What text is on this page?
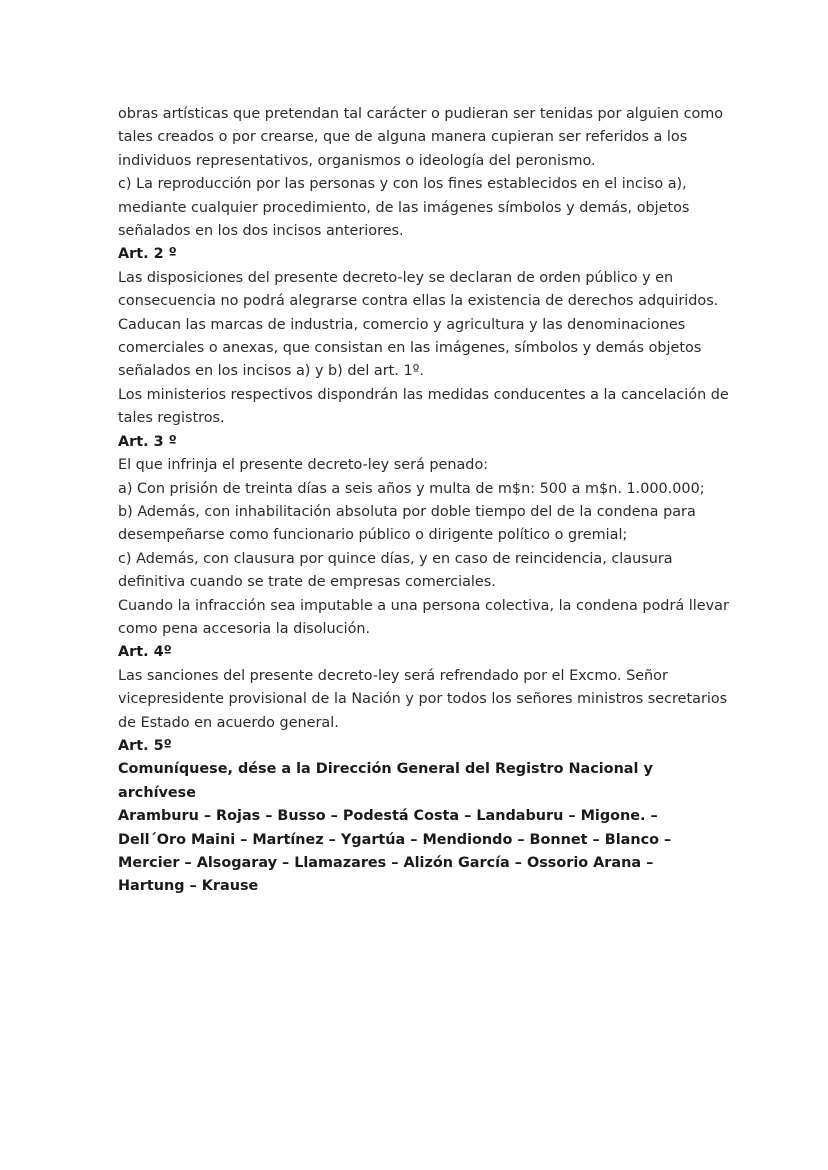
obras artísticas que pretendan tal carácter o pudieran ser tenidas por alguien como
tales creados o por crearse, que de alguna manera cupieran ser referidos a los
individuos representativos, organismos o ideología del peronismo.
c) La reproducción por las personas y con los fines establecidos en el inciso a),
mediante cualquier procedimiento, de las imágenes símbolos y demás, objetos
señalados en los dos incisos anteriores.
Art. 2 º
Las disposiciones del presente decreto-ley se declaran de orden público y en
consecuencia no podrá alegrarse contra ellas la existencia de derechos adquiridos.
Caducan las marcas de industria, comercio y agricultura y las denominaciones
comerciales o anexas, que consistan en las imágenes, símbolos y demás objetos
señalados en los incisos a) y b) del art. 1º.
Los ministerios respectivos dispondrán las medidas conducentes a la cancelación de
tales registros.
Art. 3 º
El que infrinja el presente decreto-ley será penado:
a) Con prisión de treinta días a seis años y multa de m$n: 500 a m$n. 1.000.000;
b) Además, con inhabilitación absoluta por doble tiempo del de la condena para
desempeñarse como funcionario público o dirigente político o gremial;
c) Además, con clausura por quince días, y en caso de reincidencia, clausura
definitiva cuando se trate de empresas comerciales.
Cuando la infracción sea imputable a una persona colectiva, la condena podrá llevar
como pena accesoria la disolución.
Art. 4º
Las sanciones del presente decreto-ley será refrendado por el Excmo. Señor
vicepresidente provisional de la Nación y por todos los señores ministros secretarios
de Estado en acuerdo general.
Art. 5º
Comuníquese, dése a la Dirección General del Registro Nacional y
archívese
Aramburu – Rojas – Busso – Podestá Costa – Landaburu – Migone. –
Dell´Oro Maini – Martínez – Ygartúa – Mendiondo – Bonnet – Blanco –
Mercier – Alsogaray – Llamazares – Alizón García – Ossorio Arana –
Hartung – Krause
